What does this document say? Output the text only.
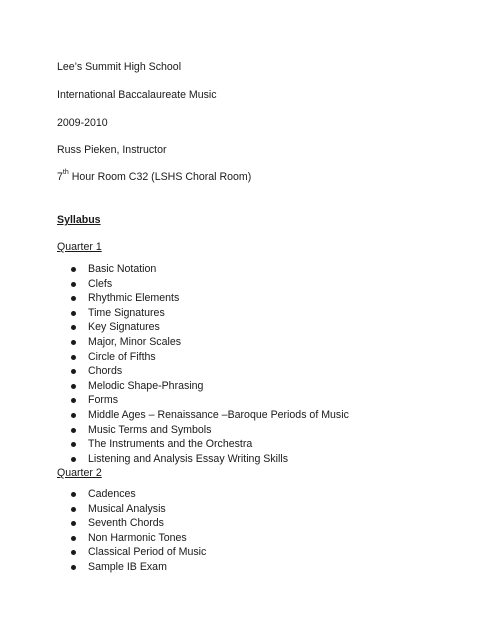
Lee’s Summit High School
International Baccalaureate Music
2009-2010
Russ Pieken, Instructor
7th Hour Room C32 (LSHS Choral Room)
Syllabus
Quarter 1
Basic Notation
Clefs
Rhythmic Elements
Time Signatures
Key Signatures
Major, Minor Scales
Circle of Fifths
Chords
Melodic Shape-Phrasing
Forms
Middle Ages – Renaissance –Baroque Periods of Music
Music Terms and Symbols
The Instruments and the Orchestra
Listening and Analysis Essay Writing Skills
Quarter 2
Cadences
Musical Analysis
Seventh Chords
Non Harmonic Tones
Classical Period of Music
Sample IB Exam
